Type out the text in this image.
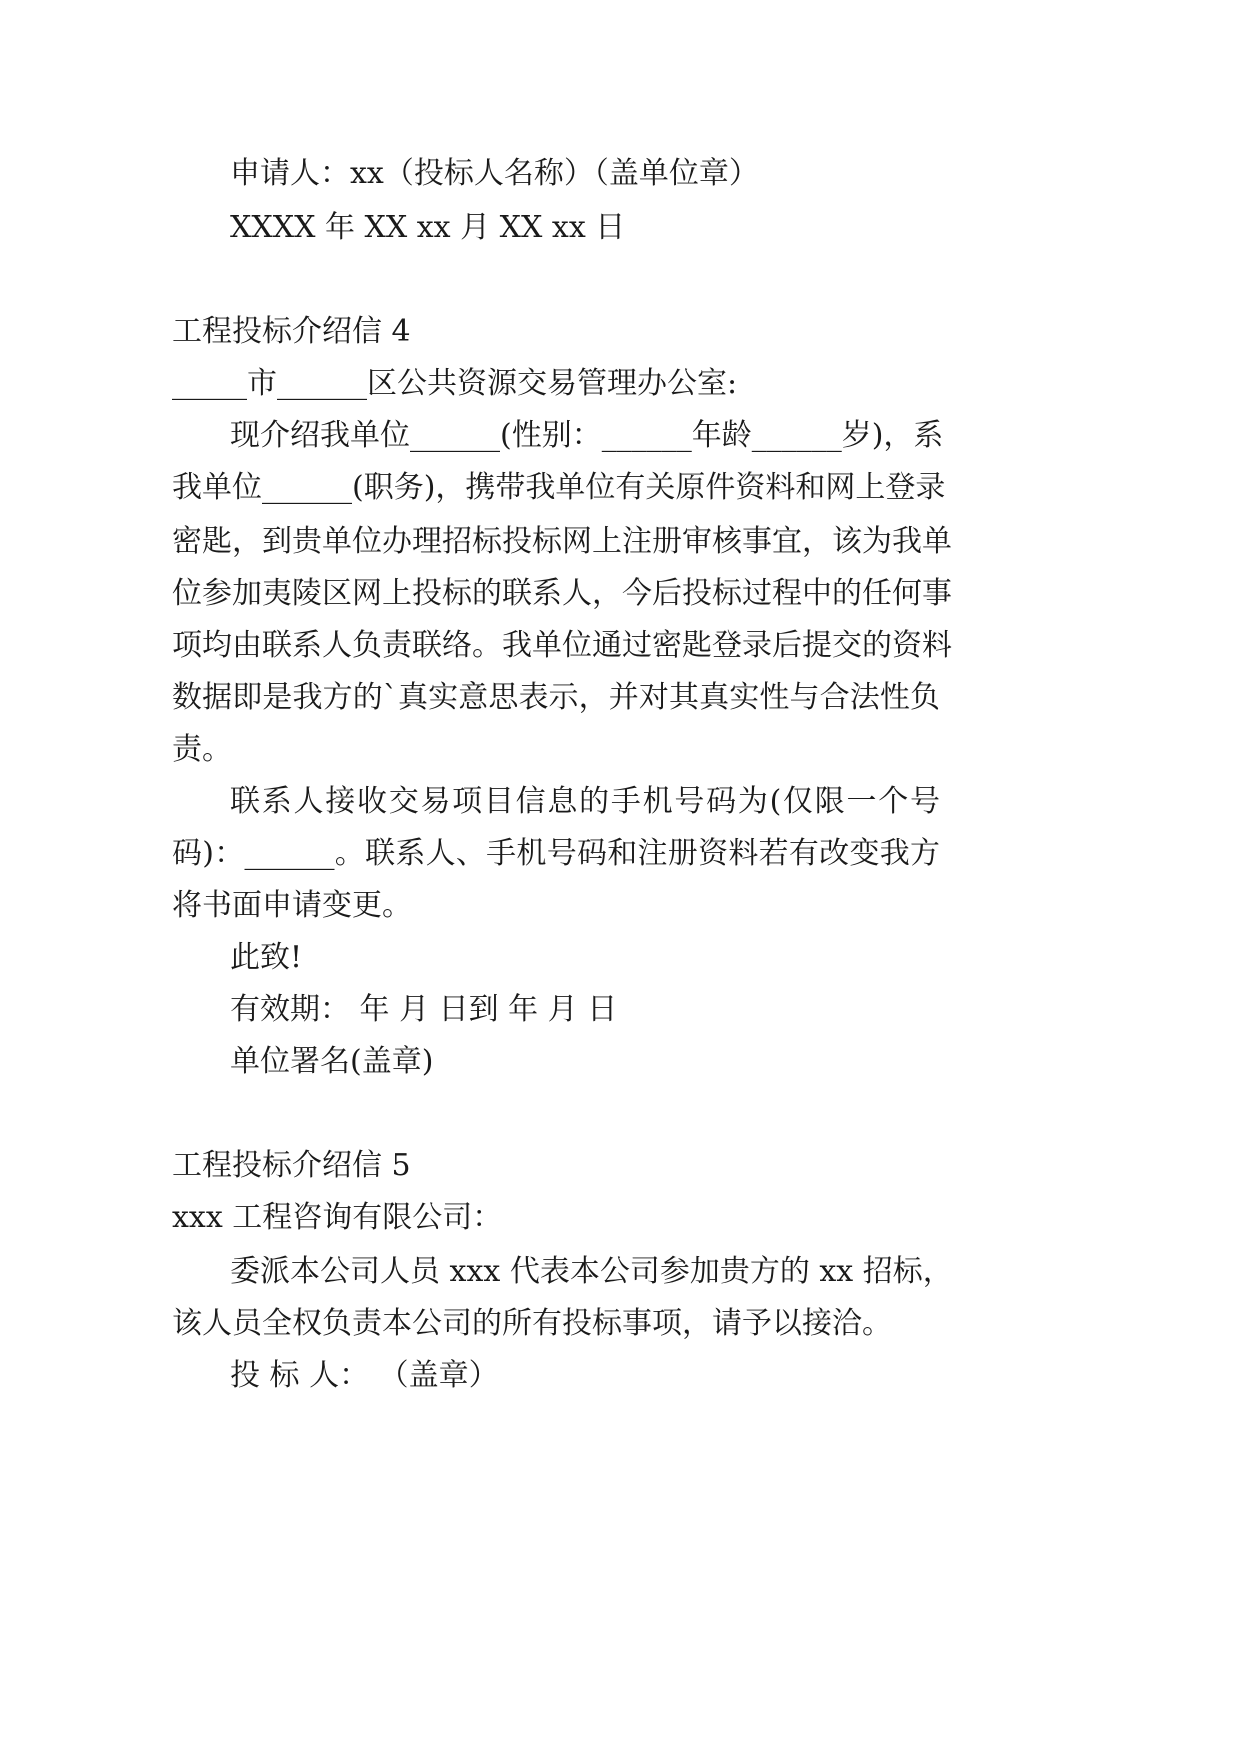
申请人：xx（投标人名称）（盖单位章）
XXXX 年 XX xx 月 XX xx 日
工程投标介绍信 4
_____市______区公共资源交易管理办公室:
现介绍我单位______(性别：______年龄______岁)，系
我单位______(职务)，携带我单位有关原件资料和网上登录
密匙，到贵单位办理招标投标网上注册审核事宜，该为我单
位参加夷陵区网上投标的联系人，今后投标过程中的任何事
项均由联系人负责联络。我单位通过密匙登录后提交的资料
数据即是我方的`真实意思表示，并对其真实性与合法性负
责。
联系人接收交易项目信息的手机号码为(仅限一个号
码)：______。联系人、手机号码和注册资料若有改变我方
将书面申请变更。
此致!
有效期： 年 月 日到 年 月 日
单位署名(盖章)
工程投标介绍信 5
xxx 工程咨询有限公司：
委派本公司人员 xxx 代表本公司参加贵方的 xx 招标，
该人员全权负责本公司的所有投标事项，请予以接洽。
投 标 人： （盖章）
